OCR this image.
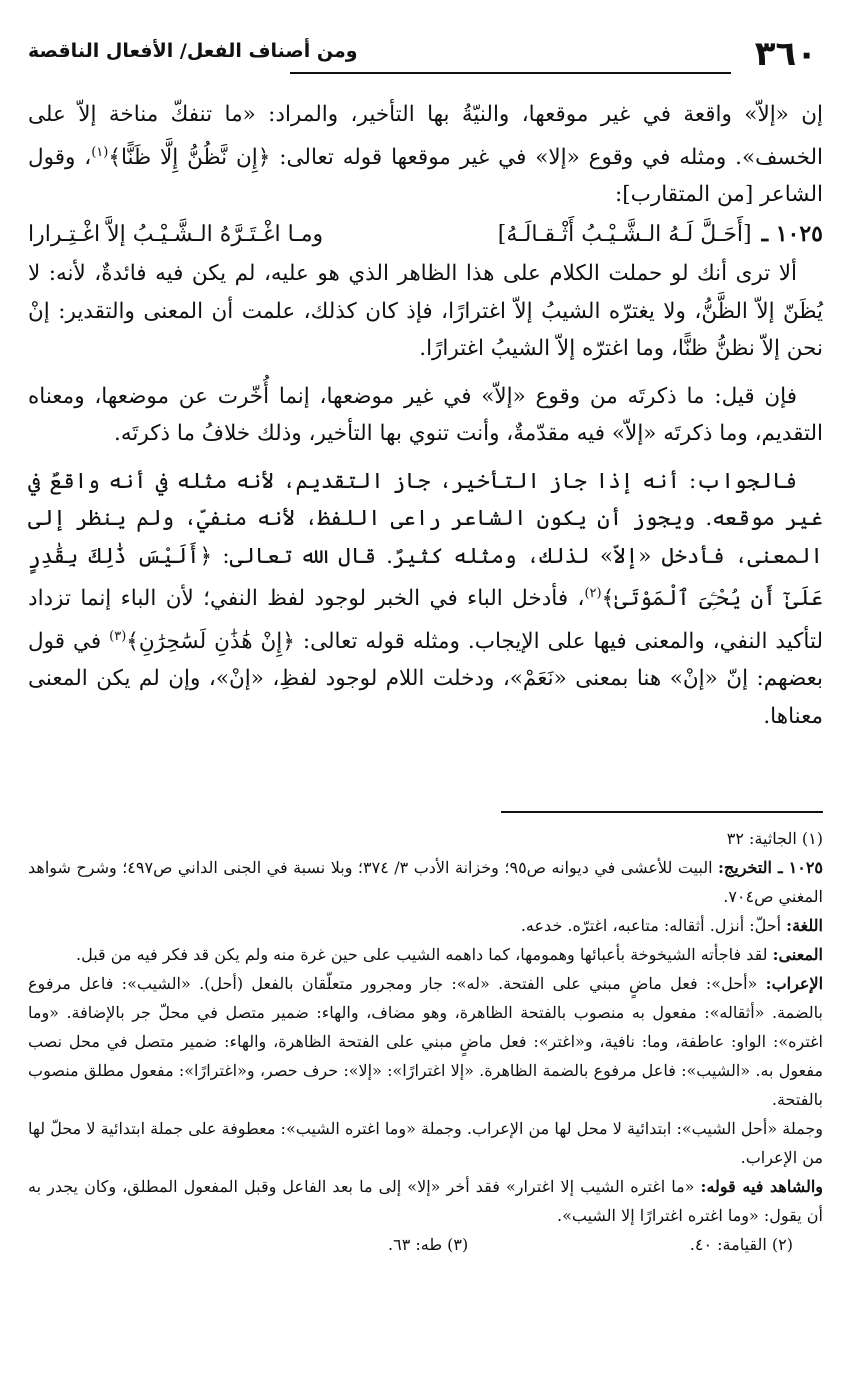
٣٦٠
ومن أصناف الفعل/ الأفعال الناقصة

إن «إلاّ» واقعة في غير موقعها، والنيّةُ بها التأخير، والمراد: «ما تنفكّ مناخة إلاّ على الخسف». ومثله في وقوع «إلا» في غير موقعها قوله تعالى: ﴿إِن نَّظُنُّ إِلَّا ظَنًّا﴾$^{(١)}$، وقول الشاعر [من المتقارب]:

١٠٢٥ ـ
[أَحَـلَّ لَـهُ الـشَّـيْـبُ أَثْـقـالَـهُ]
ومـا اغْـتَـرَّهُ الـشَّـيْـبُ إلاَّ اغْـتِـرارا

ألا ترى أنك لو حملت الكلام على هذا الظاهر الذي هو عليه، لم يكن فيه فائدةٌ، لأنه: لا يُظَنّ إلاّ الظَّنُّ، ولا يغترّه الشيبُ إلاّ اغترارًا، فإذ كان كذلك، علمت أن المعنى والتقدير: إنْ نحن إلاّ نظنُّ ظنًّا، وما اغترّه إلاّ الشيبُ اغترارًا.

فإن قيل: ما ذكرتَه من وقوع «إلاّ» في غير موضعها، إنما أُخّرت عن موضعها، ومعناه التقديم، وما ذكرتَه «إلاّ» فيه مقدّمةٌ، وأنت تنوي بها التأخير، وذلك خلافُ ما ذكرتَه.

فالجواب: أنه إذا جاز التأخير، جاز التقديم، لأنه مثله في أنه واقعٌ في غير موقعه. ويجوز أن يكون الشاعر راعى اللفظ، لأنه منفيّ، ولم ينظر إلى المعنى، فأدخل «إلاّ» لذلك، ومثله كثيرٌ. قال الله تعالى: ﴿أَلَيْسَ ذَٰلِكَ بِقَٰدِرٍ عَلَىٰٓ أَن يُحْـِۧىَ ٱلْمَوْتَىٰ﴾$^{(٢)}$، فأدخل الباء في الخبر لوجود لفظ النفي؛ لأن الباء إنما تزداد لتأكيد النفي، والمعنى فيها على الإيجاب. ومثله قوله تعالى: ﴿إِنْ هَٰذَٰنِ لَسَٰحِرَٰنِ﴾$^{(٣)}$ في قول بعضهم: إنّ «إنْ» هنا بمعنى «نَعَمْ»، ودخلت اللام لوجود لفظِ، «إنْ»، وإن لم يكن المعنى معناها.

(١) الجاثية: ٣٢

١٠٢٥ ـ التخريج: البيت للأعشى في ديوانه ص٩٥؛ وخزانة الأدب ٣/ ٣٧٤؛ وبلا نسبة في الجنى الداني ص٤٩٧؛ وشرح شواهد المغني ص٧٠٤.

اللغة: أحلّ: أنزل. أثقاله: متاعبه، اغترّه. خدعه.

المعنى: لقد فاجأته الشيخوخة بأعبائها وهمومها، كما داهمه الشيب على حين غرة منه ولم يكن قد فكر فيه من قبل.

الإعراب: «أحل»: فعل ماضٍ مبني على الفتحة. «له»: جار ومجرور متعلّقان بالفعل (أحل). «الشيب»: فاعل مرفوع بالضمة. «أثقاله»: مفعول به منصوب بالفتحة الظاهرة، وهو مضاف، والهاء: ضمير متصل في محلّ جر بالإضافة. «وما اغتره»: الواو: عاطفة، وما: نافية، و«اغتر»: فعل ماضٍ مبني على الفتحة الظاهرة، والهاء: ضمير متصل في محل نصب مفعول به. «الشيب»: فاعل مرفوع بالضمة الظاهرة. «إلا اغترارًا»: «إلا»: حرف حصر، و«اغترارًا»: مفعول مطلق منصوب بالفتحة.

وجملة «أحل الشيب»: ابتدائية لا محل لها من الإعراب. وجملة «وما اغتره الشيب»: معطوفة على جملة ابتدائية لا محلّ لها من الإعراب.

والشاهد فيه قوله: «ما اغتره الشيب إلا اغترار» فقد أخر «إلا» إلى ما بعد الفاعل وقبل المفعول المطلق، وكان يجدر به أن يقول: «وما اغتره اغترارًا إلا الشيب».

(٢) القيامة: ٤٠.
(٣) طه: ٦٣.
